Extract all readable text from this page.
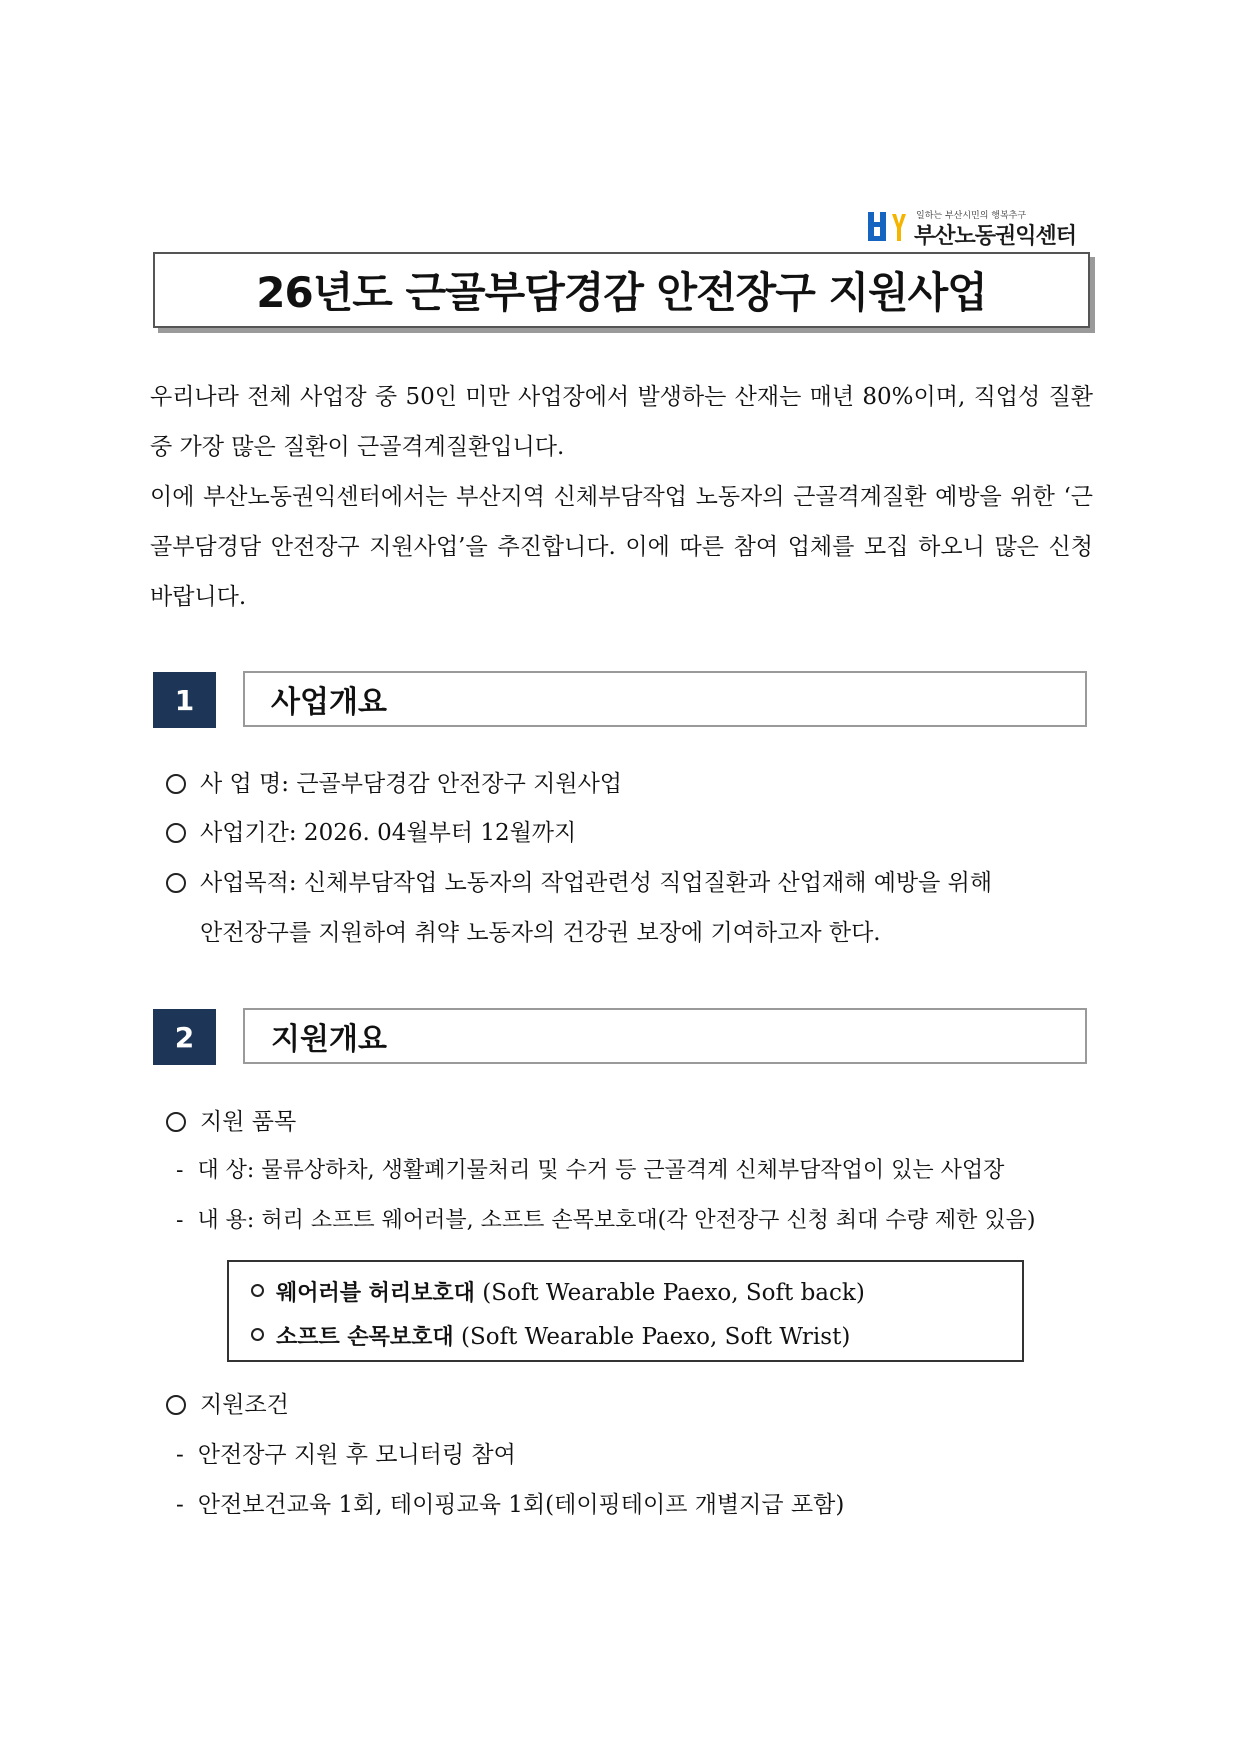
일하는 부산시민의 행복추구
부산노동권익센터
26년도 근골부담경감 안전장구 지원사업

우리나라 전체 사업장 중 50인 미만 사업장에서 발생하는 산재는 매년 80%이며, 직업성 질환 중 가장 많은 질환이 근골격계질환입니다.

이에 부산노동권익센터에서는 부산지역 신체부담작업 노동자의 근골격계질환 예방을 위한 ‘근골부담경담 안전장구 지원사업’을 추진합니다. 이에 따른 참여 업체를 모집 하오니 많은 신청 바랍니다.

1	사업개요
사 업 명: 근골부담경감 안전장구 지원사업
사업기간: 2026. 04월부터 12월까지
사업목적: 신체부담작업 노동자의 작업관련성 직업질환과 산업재해 예방을 위해
안전장구를 지원하여 취약 노동자의 건강권 보장에 기여하고자 한다.
2	지원개요
지원 품목
- 대 상: 물류상하차, 생활폐기물처리 및 수거 등 근골격계 신체부담작업이 있는 사업장
- 내 용: 허리 소프트 웨어러블, 소프트 손목보호대(각 안전장구 신청 최대 수량 제한 있음)
웨어러블 허리보호대 (Soft Wearable Paexo, Soft back)
소프트 손목보호대 (Soft Wearable Paexo, Soft Wrist)
지원조건
- 안전장구 지원 후 모니터링 참여
- 안전보건교육 1회, 테이핑교육 1회(테이핑테이프 개별지급 포함)
